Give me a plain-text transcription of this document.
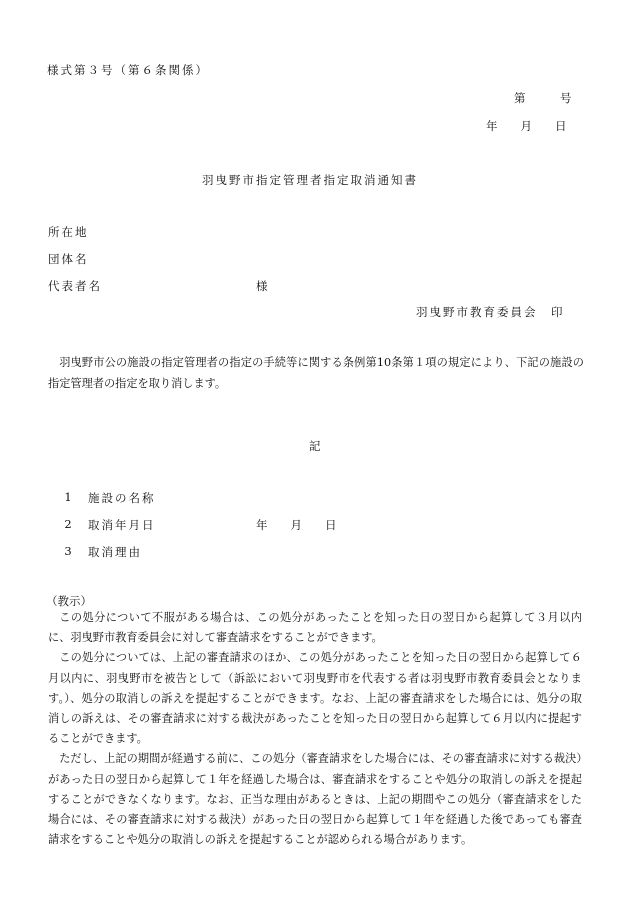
様式第３号（第６条関係）
第　　　号
年　　月　　日
羽曳野市指定管理者指定取消通知書
所在地
団体名
代表者名	様
羽曳野市教育委員会　印
羽曳野市公の施設の指定管理者の指定の手続等に関する条例第10条第１項の規定により、下記の施設の指定管理者の指定を取り消します。
記
1 施設の名称
2 取消年月日	年　　月　　日
3 取消理由
（教示）

この処分について不服がある場合は、この処分があったことを知った日の翌日から起算して３月以内に、羽曳野市教育委員会に対して審査請求をすることができます。

この処分については、上記の審査請求のほか、この処分があったことを知った日の翌日から起算して６月以内に、羽曳野市を被告として（訴訟において羽曳野市を代表する者は羽曳野市教育委員会となります。）、処分の取消しの訴えを提起することができます。なお、上記の審査請求をした場合には、処分の取消しの訴えは、その審査請求に対する裁決があったことを知った日の翌日から起算して６月以内に提起することができます。

ただし、上記の期間が経過する前に、この処分（審査請求をした場合には、その審査請求に対する裁決）があった日の翌日から起算して１年を経過した場合は、審査請求をすることや処分の取消しの訴えを提起することができなくなります。なお、正当な理由があるときは、上記の期間やこの処分（審査請求をした場合には、その審査請求に対する裁決）があった日の翌日から起算して１年を経過した後であっても審査請求をすることや処分の取消しの訴えを提起することが認められる場合があります。
